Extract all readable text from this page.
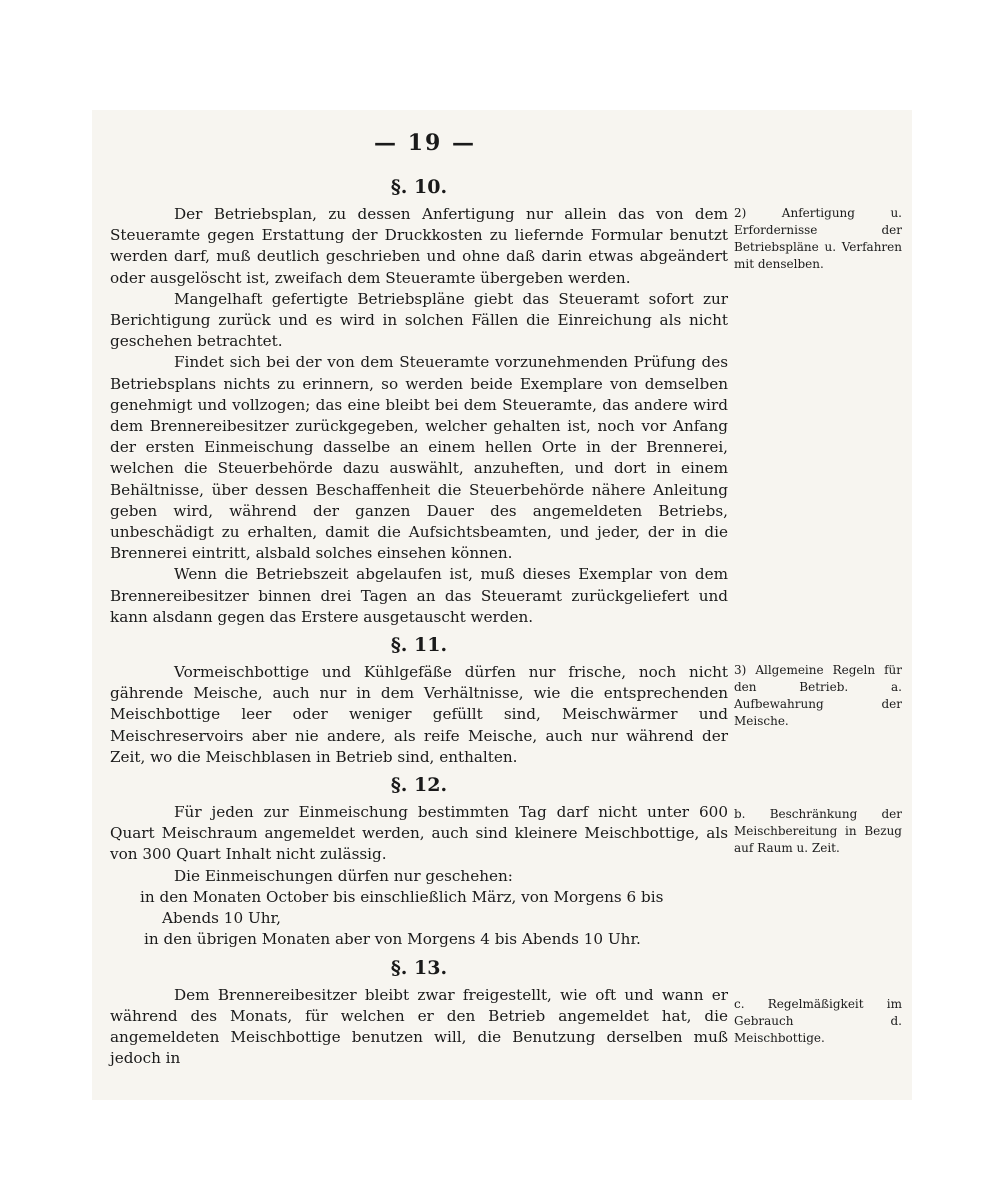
— 19 —
§. 10.

Der Betriebsplan, zu dessen Anfertigung nur allein das von dem Steueramte gegen Erstattung der Druckkosten zu liefernde Formular benutzt werden darf, muß deutlich geschrieben und ohne daß darin etwas abgeändert oder ausgelöscht ist, zweifach dem Steueramte übergeben werden.

Mangelhaft gefertigte Betriebspläne giebt das Steueramt sofort zur Berichtigung zurück und es wird in solchen Fällen die Einreichung als nicht geschehen betrachtet.

Findet sich bei der von dem Steueramte vorzunehmenden Prüfung des Betriebsplans nichts zu erinnern, so werden beide Exemplare von demselben genehmigt und vollzogen; das eine bleibt bei dem Steueramte, das andere wird dem Brennereibesitzer zurückgegeben, welcher gehalten ist, noch vor Anfang der ersten Einmeischung dasselbe an einem hellen Orte in der Brennerei, welchen die Steuerbehörde dazu auswählt, anzuheften, und dort in einem Behältnisse, über dessen Beschaffenheit die Steuerbehörde nähere Anleitung geben wird, während der ganzen Dauer des angemeldeten Betriebs, unbeschädigt zu erhalten, damit die Aufsichtsbeamten, und jeder, der in die Brennerei eintritt, alsbald solches einsehen können.

Wenn die Betriebszeit abgelaufen ist, muß dieses Exemplar von dem Brennereibesitzer binnen drei Tagen an das Steueramt zurückgeliefert und kann alsdann gegen das Erstere ausgetauscht werden.

§. 11.

Vormeischbottige und Kühlgefäße dürfen nur frische, noch nicht gährende Meische, auch nur in dem Verhältnisse, wie die entsprechenden Meischbottige leer oder weniger gefüllt sind, Meischwärmer und Meischreservoirs aber nie andere, als reife Meische, auch nur während der Zeit, wo die Meischblasen in Betrieb sind, enthalten.

§. 12.

Für jeden zur Einmeischung bestimmten Tag darf nicht unter 600 Quart Meischraum angemeldet werden, auch sind kleinere Meischbottige, als von 300 Quart Inhalt nicht zulässig.

Die Einmeischungen dürfen nur geschehen:

in den Monaten October bis einschließlich März, von Morgens 6 bis

Abends 10 Uhr,

in den übrigen Monaten aber von Morgens 4 bis Abends 10 Uhr.

§. 13.

Dem Brennereibesitzer bleibt zwar freigestellt, wie oft und wann er während des Monats, für welchen er den Betrieb angemeldet hat, die angemeldeten Meischbottige benutzen will, die Benutzung derselben muß jedoch in

2) Anfertigung u. Erfordernisse der Betriebspläne u. Verfahren mit denselben.
3) Allgemeine Regeln für den Betrieb. a. Aufbewahrung der Meische.
b. Beschränkung der Meischbereitung in Bezug auf Raum u. Zeit.
c. Regelmäßigkeit im Gebrauch d. Meischbottige.
